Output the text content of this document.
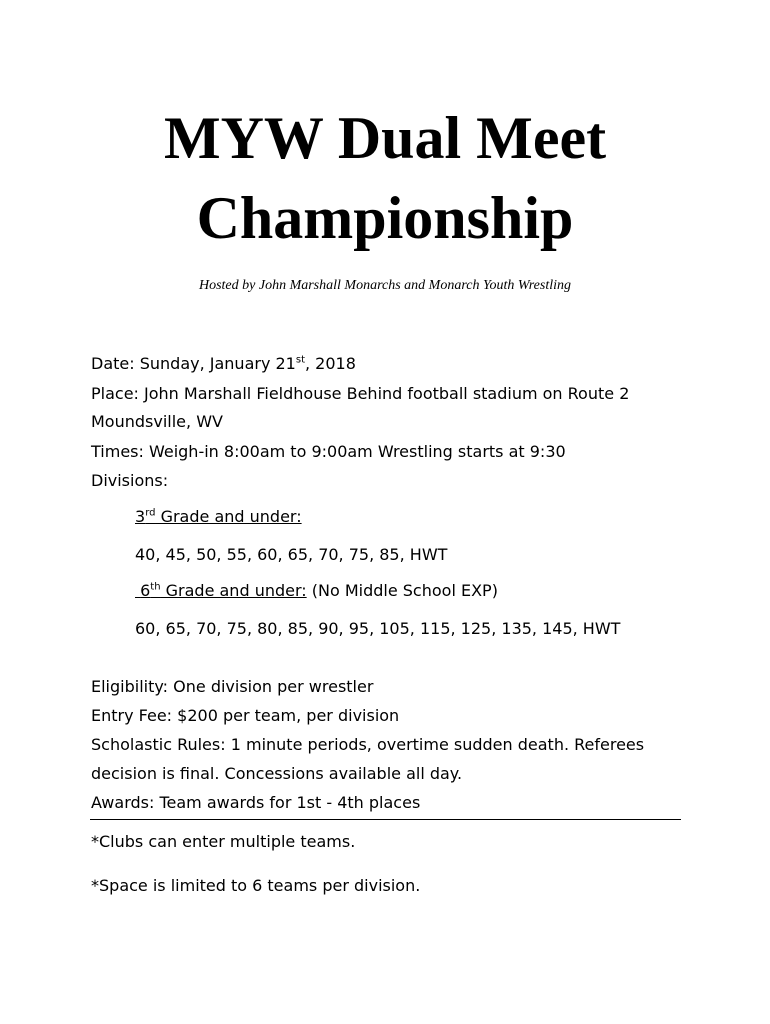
MYW Dual Meet
Championship
Hosted by John Marshall Monarchs and Monarch Youth Wrestling
Date: Sunday, January 21st, 2018
Place: John Marshall Fieldhouse Behind football stadium on Route 2
Moundsville, WV
Times: Weigh-in 8:00am to 9:00am Wrestling starts at 9:30
Divisions:
3rd Grade and under:
40, 45, 50, 55, 60, 65, 70, 75, 85, HWT
6th Grade and under: (No Middle School EXP)
60, 65, 70, 75, 80, 85, 90, 95, 105, 115, 125, 135, 145, HWT
Eligibility: One division per wrestler
Entry Fee: $200 per team, per division
Scholastic Rules: 1 minute periods, overtime sudden death. Referees
decision is final. Concessions available all day.
Awards: Team awards for 1st - 4th places
*Clubs can enter multiple teams.
*Space is limited to 6 teams per division.
